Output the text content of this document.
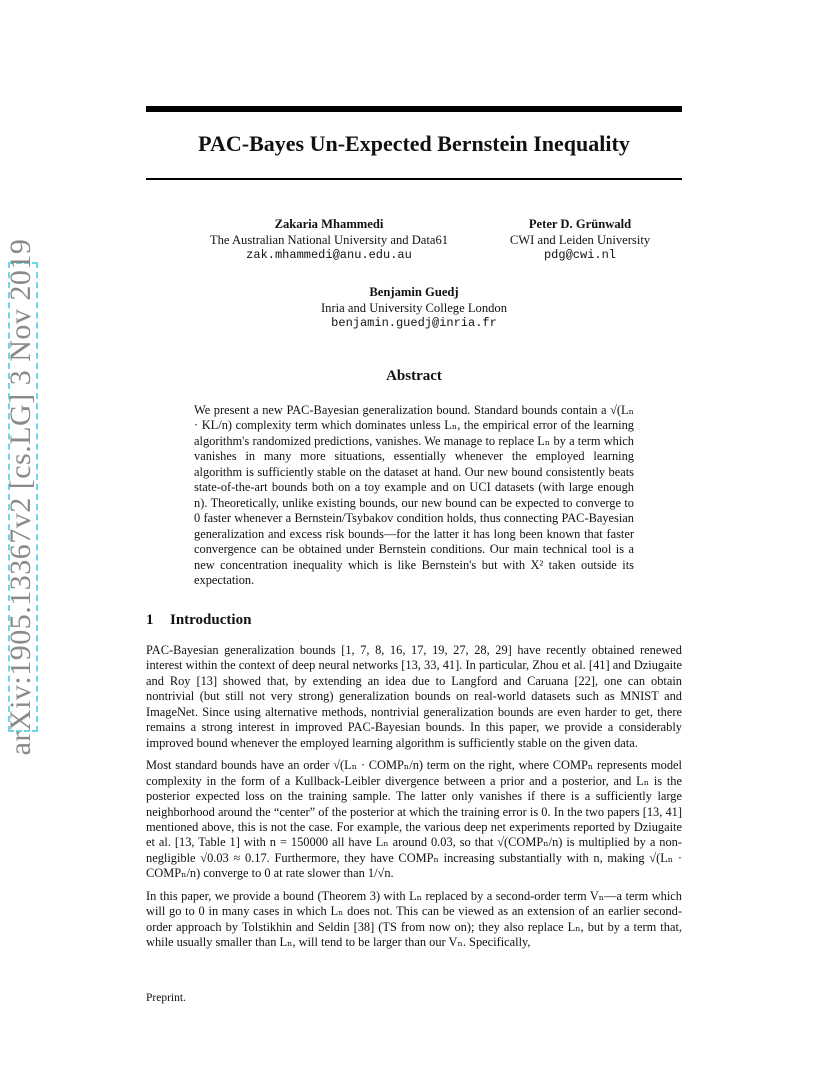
arXiv:1905.13367v2 [cs.LG] 3 Nov 2019
PAC-Bayes Un-Expected Bernstein Inequality
Zakaria Mhammedi
The Australian National University and Data61
zak.mhammedi@anu.edu.au
Peter D. Grünwald
CWI and Leiden University
pdg@cwi.nl
Benjamin Guedj
Inria and University College London
benjamin.guedj@inria.fr
Abstract

We present a new PAC-Bayesian generalization bound. Standard bounds contain a √(Lₙ · KL/n) complexity term which dominates unless Lₙ, the empirical error of the learning algorithm's randomized predictions, vanishes. We manage to replace Lₙ by a term which vanishes in many more situations, essentially whenever the employed learning algorithm is sufficiently stable on the dataset at hand. Our new bound consistently beats state-of-the-art bounds both on a toy example and on UCI datasets (with large enough n). Theoretically, unlike existing bounds, our new bound can be expected to converge to 0 faster whenever a Bernstein/Tsybakov condition holds, thus connecting PAC-Bayesian generalization and excess risk bounds—for the latter it has long been known that faster convergence can be obtained under Bernstein conditions. Our main technical tool is a new concentration inequality which is like Bernstein's but with X² taken outside its expectation.

1 Introduction

PAC-Bayesian generalization bounds [1, 7, 8, 16, 17, 19, 27, 28, 29] have recently obtained renewed interest within the context of deep neural networks [13, 33, 41]. In particular, Zhou et al. [41] and Dziugaite and Roy [13] showed that, by extending an idea due to Langford and Caruana [22], one can obtain nontrivial (but still not very strong) generalization bounds on real-world datasets such as MNIST and ImageNet. Since using alternative methods, nontrivial generalization bounds are even harder to get, there remains a strong interest in improved PAC-Bayesian bounds. In this paper, we provide a considerably improved bound whenever the employed learning algorithm is sufficiently stable on the given data.

Most standard bounds have an order √(Lₙ · COMPₙ/n) term on the right, where COMPₙ represents model complexity in the form of a Kullback-Leibler divergence between a prior and a posterior, and Lₙ is the posterior expected loss on the training sample. The latter only vanishes if there is a sufficiently large neighborhood around the “center” of the posterior at which the training error is 0. In the two papers [13, 41] mentioned above, this is not the case. For example, the various deep net experiments reported by Dziugaite et al. [13, Table 1] with n = 150000 all have Lₙ around 0.03, so that √(COMPₙ/n) is multiplied by a non-negligible √0.03 ≈ 0.17. Furthermore, they have COMPₙ increasing substantially with n, making √(Lₙ · COMPₙ/n) converge to 0 at rate slower than 1/√n.

In this paper, we provide a bound (Theorem 3) with Lₙ replaced by a second-order term Vₙ—a term which will go to 0 in many cases in which Lₙ does not. This can be viewed as an extension of an earlier second-order approach by Tolstikhin and Seldin [38] (TS from now on); they also replace Lₙ, but by a term that, while usually smaller than Lₙ, will tend to be larger than our Vₙ. Specifically,

Preprint.
